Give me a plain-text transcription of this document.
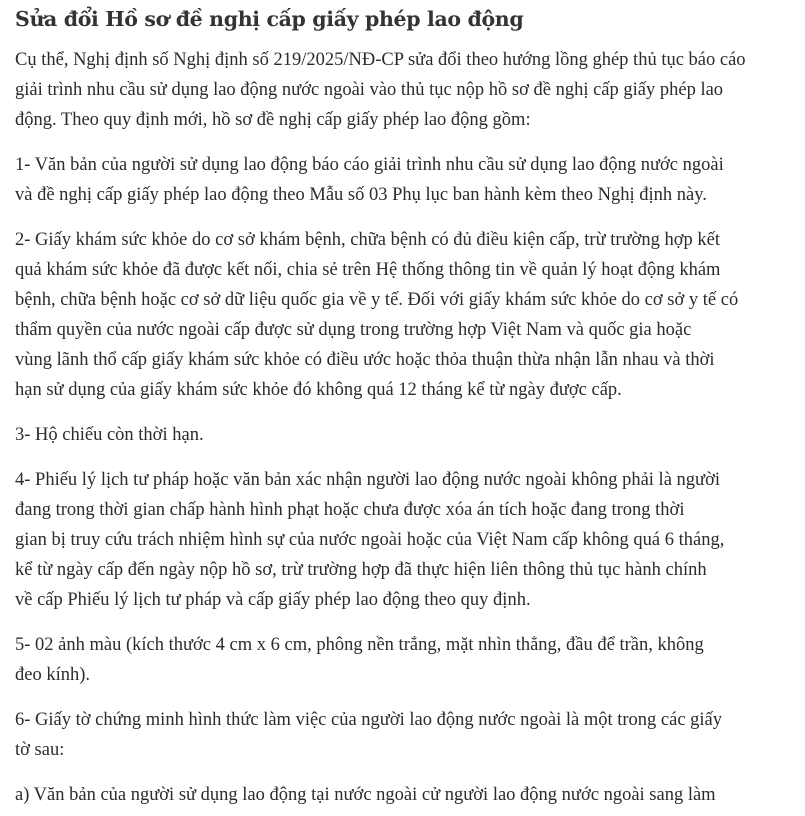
Sửa đổi Hồ sơ đề nghị cấp giấy phép lao động

Cụ thể, Nghị định số Nghị định số 219/2025/NĐ-CP sửa đổi theo hướng lồng ghép thủ tục báo cáo
giải trình nhu cầu sử dụng lao động nước ngoài vào thủ tục nộp hồ sơ đề nghị cấp giấy phép lao
động. Theo quy định mới, hồ sơ đề nghị cấp giấy phép lao động gồm:

1- Văn bản của người sử dụng lao động báo cáo giải trình nhu cầu sử dụng lao động nước ngoài
và đề nghị cấp giấy phép lao động theo Mẫu số 03 Phụ lục ban hành kèm theo Nghị định này.

2- Giấy khám sức khỏe do cơ sở khám bệnh, chữa bệnh có đủ điều kiện cấp, trừ trường hợp kết
quả khám sức khỏe đã được kết nối, chia sẻ trên Hệ thống thông tin về quản lý hoạt động khám
bệnh, chữa bệnh hoặc cơ sở dữ liệu quốc gia về y tế. Đối với giấy khám sức khỏe do cơ sở y tế có
thẩm quyền của nước ngoài cấp được sử dụng trong trường hợp Việt Nam và quốc gia hoặc
vùng lãnh thổ cấp giấy khám sức khỏe có điều ước hoặc thỏa thuận thừa nhận lẫn nhau và thời
hạn sử dụng của giấy khám sức khỏe đó không quá 12 tháng kể từ ngày được cấp.

3- Hộ chiếu còn thời hạn.

4- Phiếu lý lịch tư pháp hoặc văn bản xác nhận người lao động nước ngoài không phải là người
đang trong thời gian chấp hành hình phạt hoặc chưa được xóa án tích hoặc đang trong thời
gian bị truy cứu trách nhiệm hình sự của nước ngoài hoặc của Việt Nam cấp không quá 6 tháng,
kể từ ngày cấp đến ngày nộp hồ sơ, trừ trường hợp đã thực hiện liên thông thủ tục hành chính
về cấp Phiếu lý lịch tư pháp và cấp giấy phép lao động theo quy định.

5- 02 ảnh màu (kích thước 4 cm x 6 cm, phông nền trắng, mặt nhìn thẳng, đầu để trần, không
đeo kính).

6- Giấy tờ chứng minh hình thức làm việc của người lao động nước ngoài là một trong các giấy
tờ sau:

a) Văn bản của người sử dụng lao động tại nước ngoài cử người lao động nước ngoài sang làm
